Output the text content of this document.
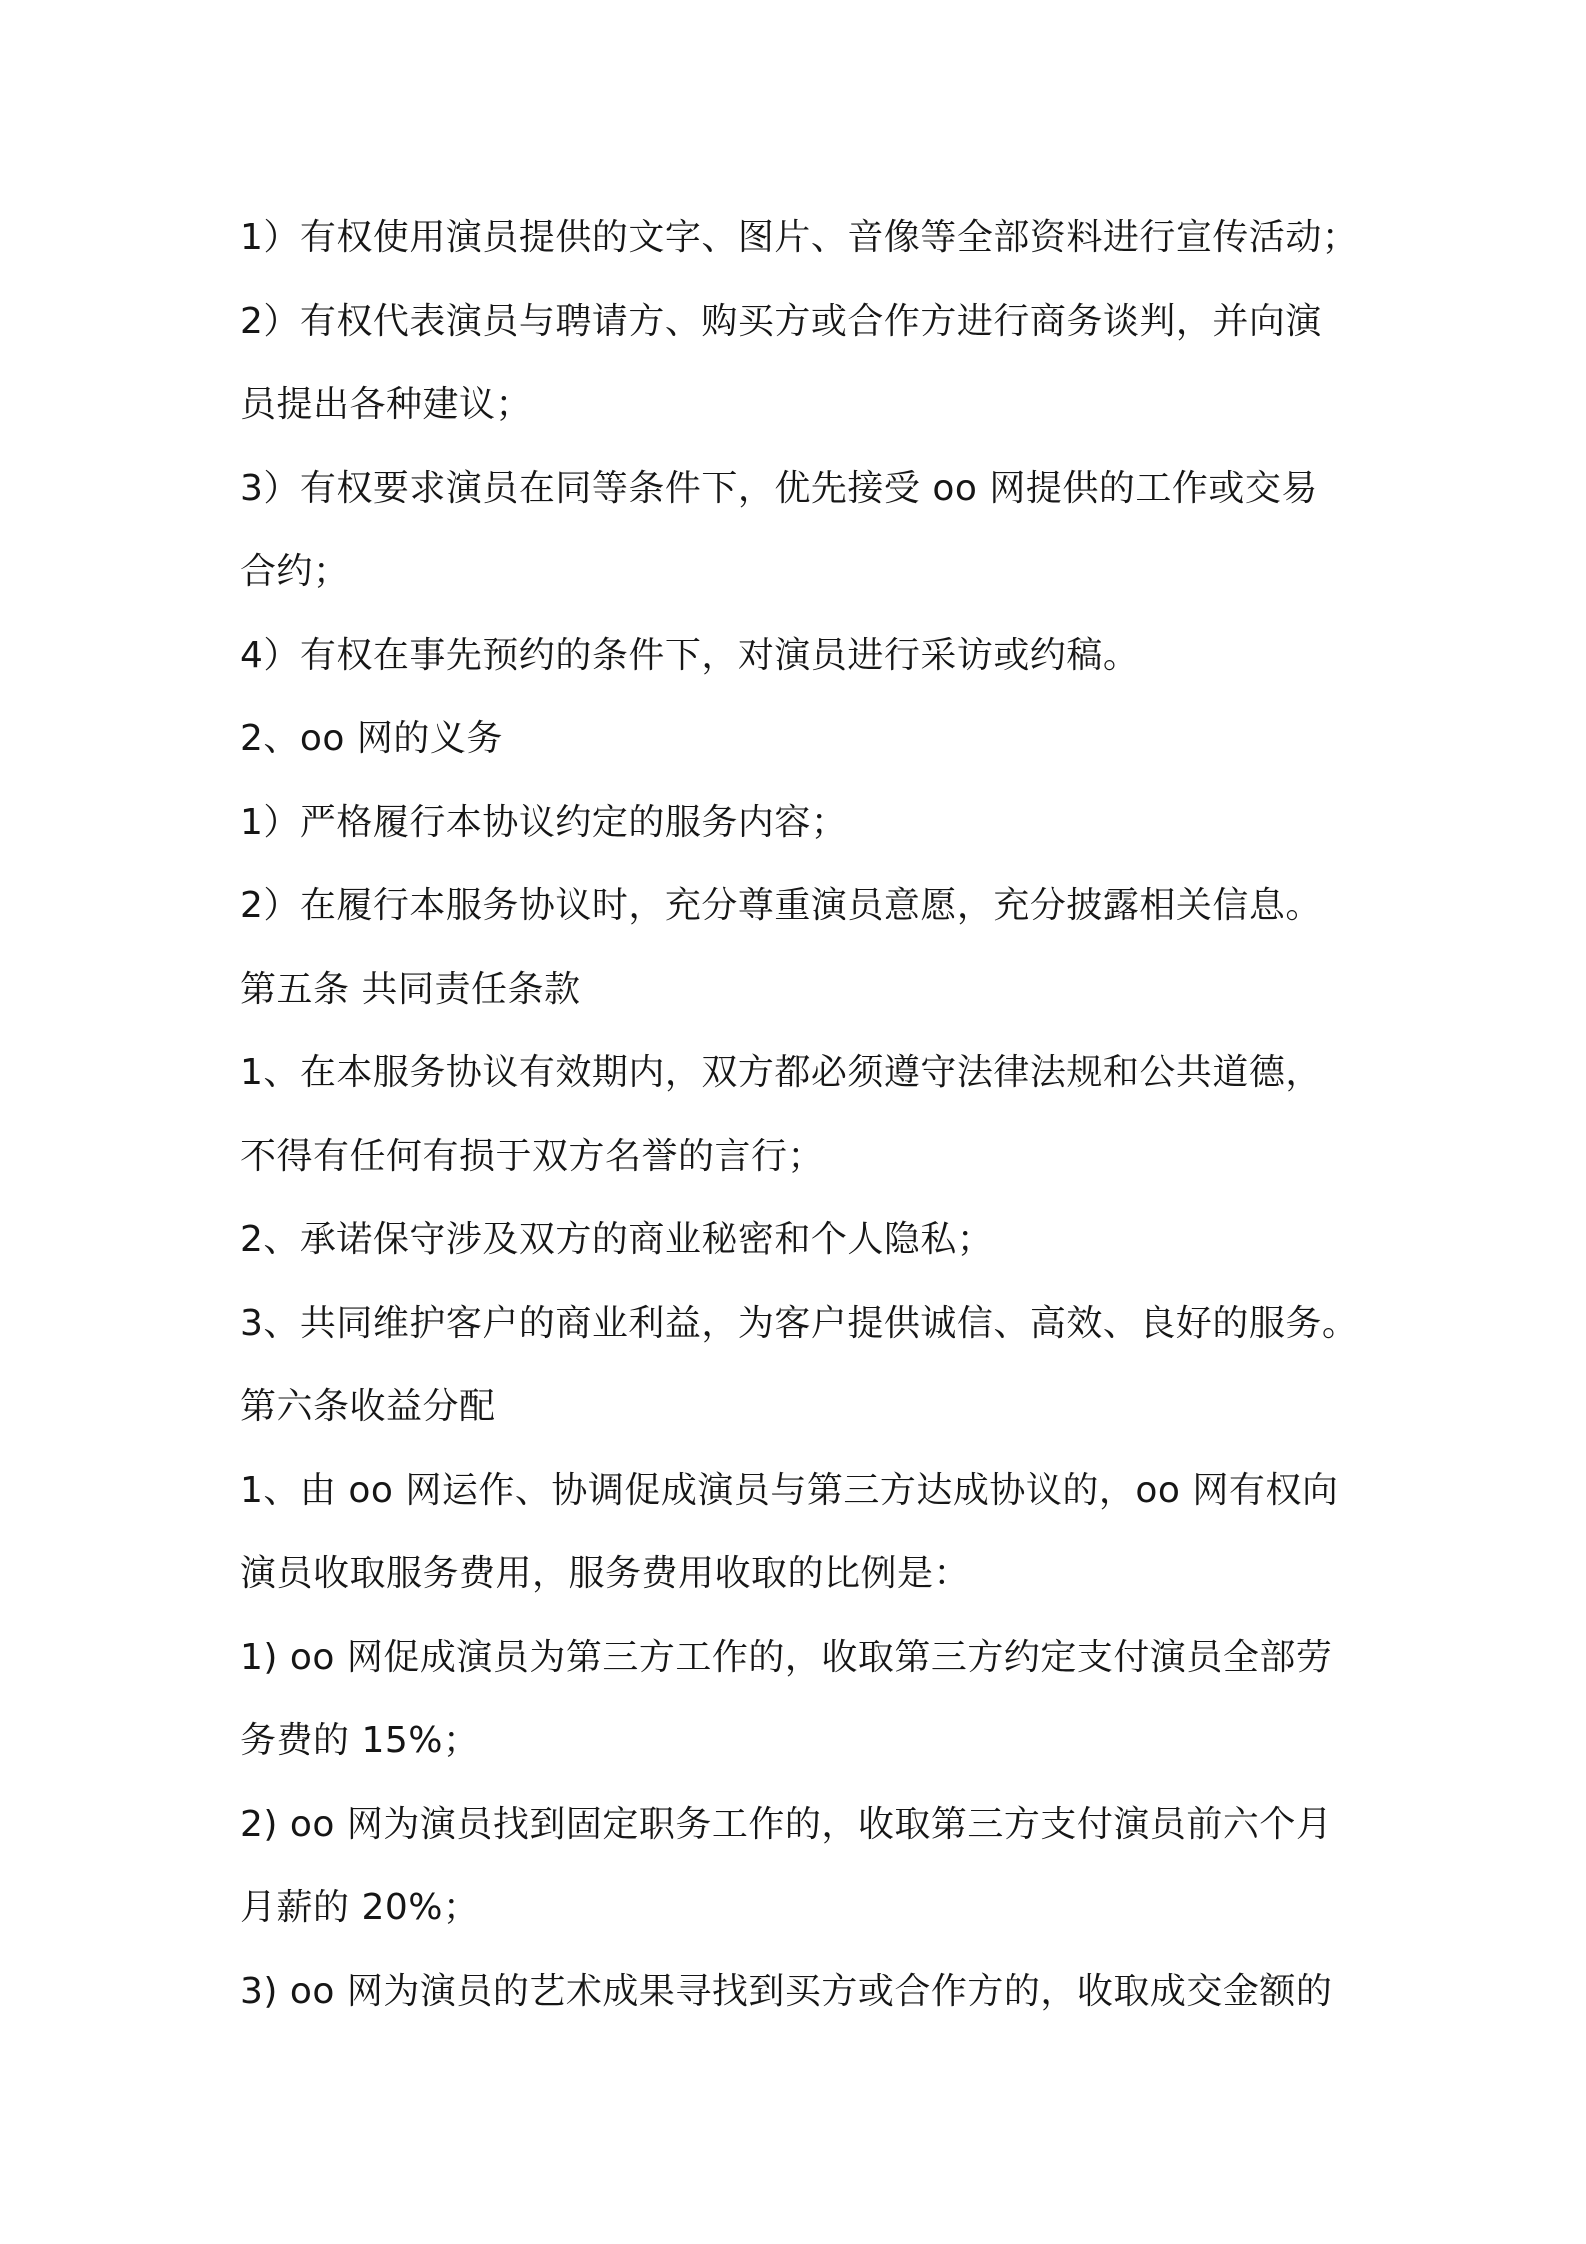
1）有权使用演员提供的文字、图片、音像等全部资料进行宣传活动；
2）有权代表演员与聘请方、购买方或合作方进行商务谈判，并向演
员提出各种建议；
3）有权要求演员在同等条件下，优先接受 oo 网提供的工作或交易
合约；
4）有权在事先预约的条件下，对演员进行采访或约稿。
2、oo 网的义务
1）严格履行本协议约定的服务内容；
2）在履行本服务协议时，充分尊重演员意愿，充分披露相关信息。
第五条 共同责任条款
1、在本服务协议有效期内，双方都必须遵守法律法规和公共道德，
不得有任何有损于双方名誉的言行；
2、承诺保守涉及双方的商业秘密和个人隐私；
3、共同维护客户的商业利益，为客户提供诚信、高效、良好的服务。
第六条收益分配
1、由 oo 网运作、协调促成演员与第三方达成协议的，oo 网有权向
演员收取服务费用，服务费用收取的比例是：
1) oo 网促成演员为第三方工作的，收取第三方约定支付演员全部劳
务费的 15%；
2) oo 网为演员找到固定职务工作的，收取第三方支付演员前六个月
月薪的 20%；
3) oo 网为演员的艺术成果寻找到买方或合作方的，收取成交金额的
